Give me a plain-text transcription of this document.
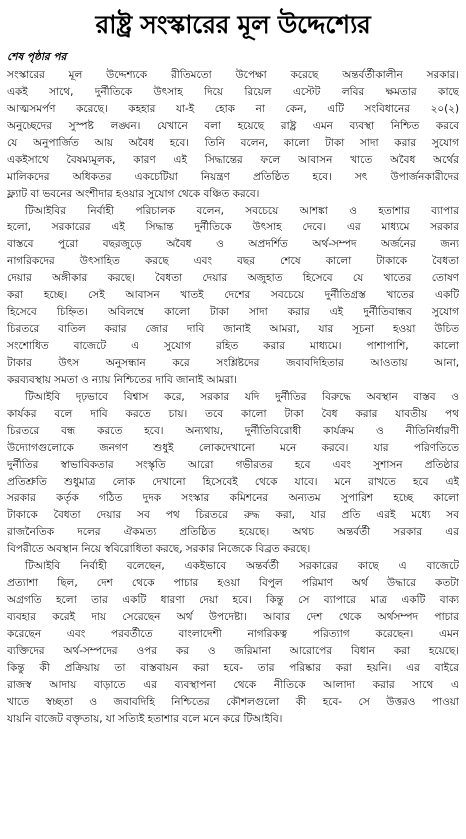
রাষ্ট্র সংস্কারের মূল উদ্দেশ্যের
শেষ পৃষ্ঠার পর
সংস্কারের মূল উদ্দেশ্যকে রীতিমতো উপেক্ষা করেছে অন্তর্বর্তীকালীন সরকার।
একই সাথে, দুর্নীতিকে উৎসাহ দিয়ে রিয়েল এস্টেট লবির ক্ষমতার কাছে
আত্মসমর্পণ করেছে। কহহার যা-ই হোক না কেন, এটি সংবিধানের ২০(২)
অনুচ্ছেদের সুস্পষ্ট লঙ্ঘন। যেখানে বলা হয়েছে রাষ্ট্র এমন ব্যবস্থা নিশ্চিত করবে
যে অনুপার্জিত আয় অবৈধ হবে। তিনি বলেন, কালো টাকা সাদা করার সুযোগ
একইসাথে বৈষম্যমূলক, কারণ এই সিদ্ধান্তের ফলে আবাসন খাতে অবৈধ অর্থের
মালিকদের অধিকতর একচেটিয়া নিয়ন্ত্রণ প্রতিষ্ঠিত হবে। সৎ উপার্জনকারীদের
ফ্ল্যাট বা ভবনের অংশীদার হওয়ার সুযোগ থেকে বঞ্চিত করবে।
টিআইবির নির্বাহী পরিচালক বলেন, সবচেয়ে আশঙ্কা ও হতাশার ব্যাপার
হলো, সরকারের এই সিদ্ধান্ত দুর্নীতিকে উৎসাহ দেবে। এর মাধ্যমে সরকার
বাস্তবে পুরো বছরজুড়ে অবৈধ ও অপ্রদর্শিত অর্থ-সম্পদ অর্জনের জন্য
নাগরিকদের উৎসাহিত করছে এবং বছর শেষে কালো টাকাকে বৈধতা
দেয়ার অঙ্গীকার করছে। বৈধতা দেয়ার অজুহাত হিসেবে যে খাতের তোষণ
করা হচ্ছে। সেই আবাসন খাতই দেশের সবচেয়ে দুর্নীতিগ্রস্ত খাতের একটি
হিসেবে চিহ্নিত। অবিলম্বে কালো টাকা সাদা করার এই দুর্নীতিবান্ধব সুযোগ
চিরতরে বাতিল করার জোর দাবি জানাই আমরা, যার সূচনা হওয়া উচিত
সংশোধিত বাজেটে এ সুযোগ রহিত করার মাধ্যমে। পাশাপাশি, কালো
টাকার উৎস অনুসন্ধান করে সংশ্লিষ্টদের জবাবদিহিতার আওতায় আনা,
করব্যবস্থায় সমতা ও ন্যায় নিশ্চিতের দাবি জানাই আমরা।
টিআইবি দৃঢ়ভাবে বিশ্বাস করে, সরকার যদি দুর্নীতির বিরুদ্ধে অবস্থান বাস্তব ও
কার্যকর বলে দাবি করতে চায়। তবে কালো টাকা বৈধ করার যাবতীয় পথ
চিরতরে বন্ধ করতে হবে। অন্যথায়, দুর্নীতিবিরোধী কার্যক্রম ও নীতিনির্ধারণী
উদ্যোগগুলোকে জনগণ শুধুই লোকদেখানো মনে করবে। যার পরিণতিতে
দুর্নীতির স্বাভাবিকতার সংস্কৃতি আরো গভীরতর হবে এবং সুশাসন প্রতিষ্ঠার
প্রতিশ্রুতি শুধুমাত্র লোক দেখানো হিসেবেই থেকে যাবে। মনে রাখতে হবে এই
সরকার কর্তৃক গঠিত দুদক সংস্কার কমিশনের অন্যতম সুপারিশ হচ্ছে কালো
টাকাকে বৈধতা দেয়ার সব পথ চিরতরে রুদ্ধ করা, যার প্রতি এরই মধ্যে সব
রাজনৈতিক দলের ঐকমত্য প্রতিষ্ঠিত হয়েছে। অথচ অন্তর্বর্তী সরকার এর
বিপরীতে অবস্থান নিয়ে স্ববিরোধিতা করছে, সরকার নিজেকে বিব্রত করছে।
টিআইবি নির্বাহী বলেছেন, একইভাবে অন্তর্বর্তী সরকারের কাছে এ বাজেটে
প্রত্যাশা ছিল, দেশ থেকে পাচার হওয়া বিপুল পরিমাণ অর্থ উদ্ধারে কতটা
অগ্রগতি হলো তার একটি ধারণা দেয়া হবে। কিন্তু সে ব্যাপারে মাত্র একটি বাক্য
ব্যবহার করেই দায় সেরেছেন অর্থ উপদেষ্টা। আবার দেশ থেকে অর্থসম্পদ পাচার
করেছেন এবং পরবর্তীতে বাংলাদেশী নাগরিকত্ব পরিত্যাগ করেছেন। এমন
ব্যক্তিদের অর্থ-সম্পদের ওপর কর ও জরিমানা আরোপের বিধান করা হয়েছে।
কিন্তু কী প্রক্রিয়ায় তা বাস্তবায়ন করা হবে- তার পরিষ্কার করা হয়নি। এর বাইরে
রাজস্ব আদায় বাড়াতে এর ব্যবস্থাপনা থেকে নীতিকে আলাদা করার সাথে এ
খাতে স্বচ্ছতা ও জবাবদিহি নিশ্চিতের কৌশলগুলো কী হবে- সে উত্তরও পাওয়া
যায়নি বাজেট বক্তৃতায়, যা সত্যিই হতাশার বলে মনে করে টিআইবি।
